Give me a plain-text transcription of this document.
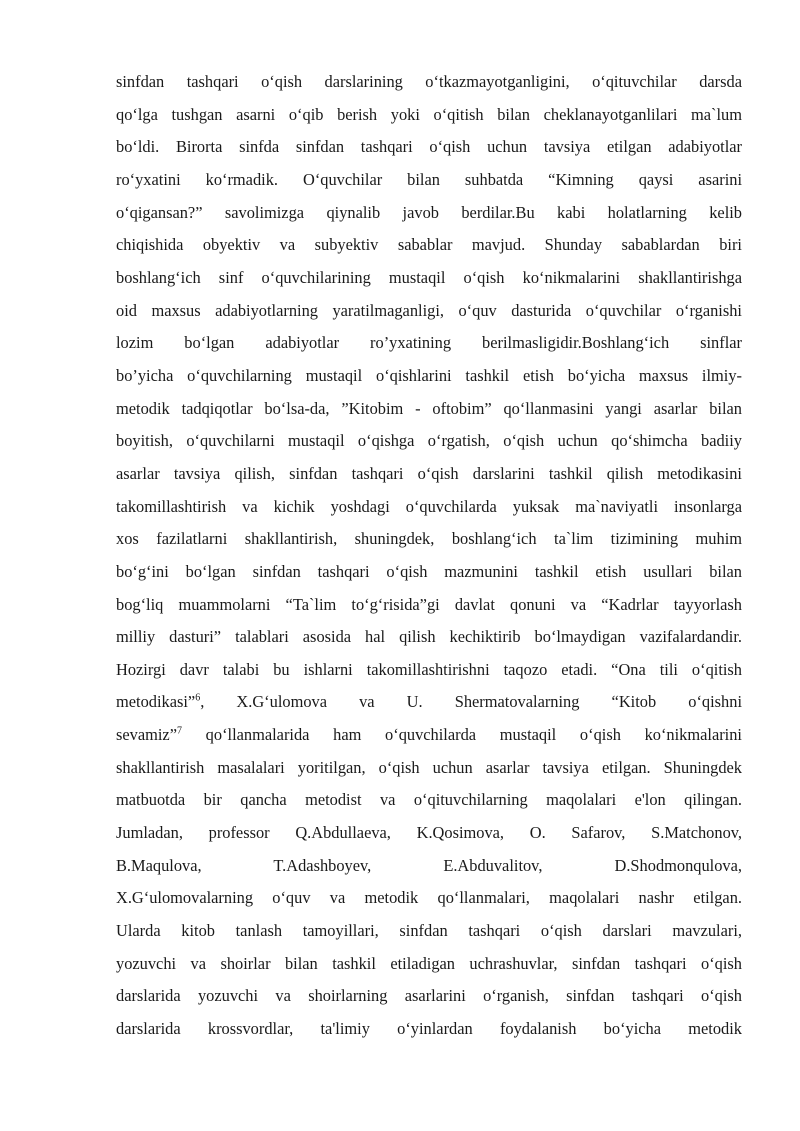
sinfdan tashqari o‘qish darslarining o‘tkazmayotganligini, o‘qituvchilar darsda
qo‘lga tushgan asarni o‘qib berish yoki o‘qitish bilan cheklanayotganlilari ma`lum
bo‘ldi. Birorta sinfda sinfdan tashqari o‘qish uchun tavsiya etilgan adabiyotlar
ro‘yxatini ko‘rmadik. O‘quvchilar bilan suhbatda “Kimning qaysi asarini
o‘qigansan?” savolimizga qiynalib javob berdilar.Bu kabi holatlarning kelib
chiqishida obyektiv va subyektiv sabablar mavjud. Shunday sabablardan biri
boshlang‘ich sinf o‘quvchilarining mustaqil o‘qish ko‘nikmalarini shakllantirishga
oid maxsus adabiyotlarning yaratilmaganligi, o‘quv dasturida o‘quvchilar o‘rganishi
lozim bo‘lgan adabiyotlar ro’yxatining berilmasligidir.Boshlang‘ich sinflar
bo’yicha o‘quvchilarning mustaqil o‘qishlarini tashkil etish bo‘yicha maxsus ilmiy-
metodik tadqiqotlar bo‘lsa-da, ”Kitobim - oftobim” qo‘llanmasini yangi asarlar bilan
boyitish, o‘quvchilarni mustaqil o‘qishga o‘rgatish, o‘qish uchun qo‘shimcha badiiy
asarlar tavsiya qilish, sinfdan tashqari o‘qish darslarini tashkil qilish metodikasini
takomillashtirish va kichik yoshdagi o‘quvchilarda yuksak ma`naviyatli insonlarga
xos fazilatlarni shakllantirish, shuningdek, boshlang‘ich ta`lim tizimining muhim
bo‘g‘ini bo‘lgan sinfdan tashqari o‘qish mazmunini tashkil etish usullari bilan
bog‘liq muammolarni “Ta`lim to‘g‘risida”gi davlat qonuni va “Kadrlar tayyorlash
milliy dasturi” talablari asosida hal qilish kechiktirib bo‘lmaydigan vazifalardandir.
Hozirgi davr talabi bu ishlarni takomillashtirishni taqozo etadi. “Ona tili o‘qitish
metodikasi”$^6$, X.G‘ulomova va U. Shermatovalarning “Kitob o‘qishni
sevamiz”$^7$ qo‘llanmalarida ham o‘quvchilarda mustaqil o‘qish ko‘nikmalarini
shakllantirish masalalari yoritilgan, o‘qish uchun asarlar tavsiya etilgan. Shuningdek
matbuotda bir qancha metodist va o‘qituvchilarning maqolalari e'lon qilingan.
Jumladan, professor Q.Abdullaeva, K.Qosimova, O. Safarov, S.Matchonov,
B.Maqulova, T.Adashboyev, E.Abduvalitov, D.Shodmonqulova,
X.G‘ulomovalarning o‘quv va metodik qo‘llanmalari, maqolalari nashr etilgan.
Ularda kitob tanlash tamoyillari, sinfdan tashqari o‘qish darslari mavzulari,
yozuvchi va shoirlar bilan tashkil etiladigan uchrashuvlar, sinfdan tashqari o‘qish
darslarida yozuvchi va shoirlarning asarlarini o‘rganish, sinfdan tashqari o‘qish
darslarida krossvordlar, ta'limiy o‘yinlardan foydalanish bo‘yicha metodik
